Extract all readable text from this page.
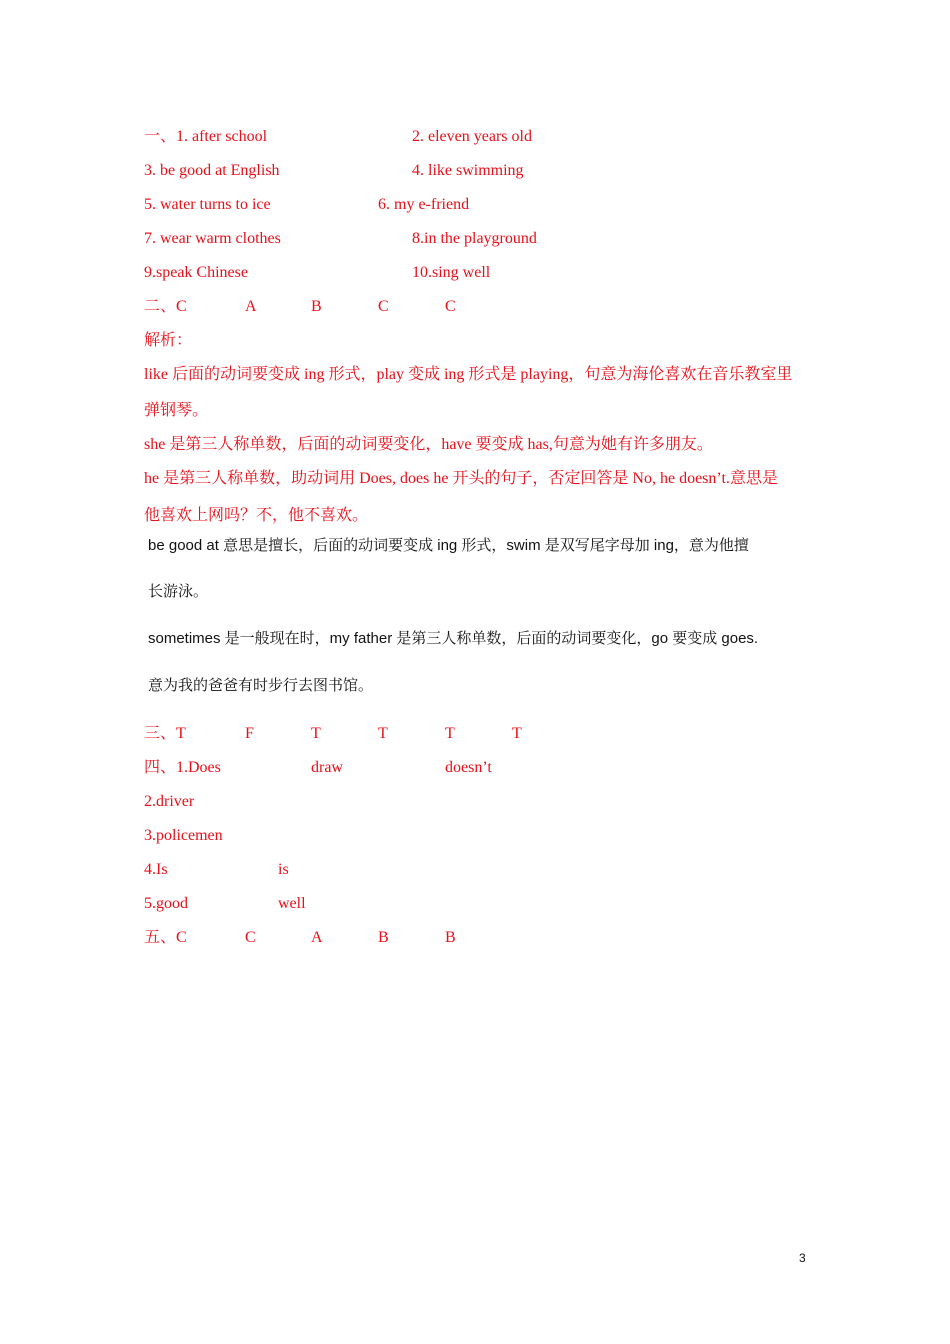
一、1. after school	2. eleven years old
3. be good at English	4. like swimming
5. water turns to ice	6. my e-friend
7. wear warm clothes	8.in the playground
9.speak Chinese	10.sing well
二、C	A	B	C	C
解析：
like 后面的动词要变成 ing 形式，play 变成 ing 形式是 playing，句意为海伦喜欢在音乐教室里
弹钢琴。
she 是第三人称单数，后面的动词要变化，have 要变成 has,句意为她有许多朋友。
he 是第三人称单数，助动词用 Does, does he 开头的句子，否定回答是 No, he doesn’t.意思是
他喜欢上网吗？不，他不喜欢。
be good at 意思是擅长，后面的动词要变成 ing 形式，swim 是双写尾字母加 ing，意为他擅
长游泳。
sometimes 是一般现在时，my father 是第三人称单数，后面的动词要变化，go 要变成 goes.
意为我的爸爸有时步行去图书馆。
三、T	F	T	T	T	T
四、1.Does	draw	doesn’t
2.driver
3.policemen
4.Is	is
5.good	well
五、C	C	A	B	B
3
